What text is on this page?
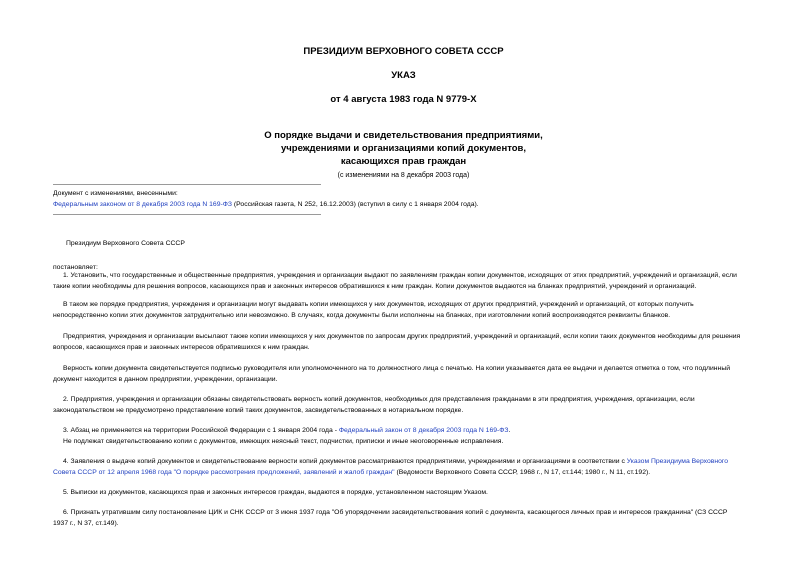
ПРЕЗИДИУМ ВЕРХОВНОГО СОВЕТА СССР
УКАЗ
от 4 августа 1983 года N 9779-X
О порядке выдачи и свидетельствования предприятиями,
учреждениями и организациями копий документов,
касающихся прав граждан
(с изменениями на 8 декабря 2003 года)
Документ с изменениями, внесенными:
Федеральным законом от 8 декабря 2003 года N 169-ФЗ (Российская газета, N 252, 16.12.2003) (вступил в силу с 1 января 2004 года).
Президиум Верховного Совета СССР
постановляет:
1. Установить, что государственные и общественные предприятия, учреждения и организации выдают по заявлениям граждан копии документов, исходящих от этих предприятий, учреждений и организаций, если
такие копии необходимы для решения вопросов, касающихся прав и законных интересов обратившихся к ним граждан. Копии документов выдаются на бланках предприятий, учреждений и организаций.
В таком же порядке предприятия, учреждения и организации могут выдавать копии имеющихся у них документов, исходящих от других предприятий, учреждений и организаций, от которых получить
непосредственно копии этих документов затруднительно или невозможно. В случаях, когда документы были исполнены на бланках, при изготовлении копий воспроизводятся реквизиты бланков.
Предприятия, учреждения и организации высылают также копии имеющихся у них документов по запросам других предприятий, учреждений и организаций, если копии таких документов необходимы для решения
вопросов, касающихся прав и законных интересов обратившихся к ним граждан.
Верность копии документа свидетельствуется подписью руководителя или уполномоченного на то должностного лица с печатью. На копии указывается дата ее выдачи и делается отметка о том, что подлинный
документ находится в данном предприятии, учреждении, организации.
2. Предприятия, учреждения и организации обязаны свидетельствовать верность копий документов, необходимых для представления гражданами в эти предприятия, учреждения, организации, если
законодательством не предусмотрено представление копий таких документов, засвидетельствованных в нотариальном порядке.
3. Абзац не применяется на территории Российской Федерации с 1 января 2004 года - Федеральный закон от 8 декабря 2003 года N 169-ФЗ.
Не подлежат свидетельствованию копии с документов, имеющих неясный текст, подчистки, приписки и иные неоговоренные исправления.
4. Заявления о выдаче копий документов и свидетельствование верности копий документов рассматриваются предприятиями, учреждениями и организациями в соответствии с Указом Президиума Верховного
Совета СССР от 12 апреля 1968 года "О порядке рассмотрения предложений, заявлений и жалоб граждан" (Ведомости Верховного Совета СССР, 1968 г., N 17, ст.144; 1980 г., N 11, ст.192).
5. Выписки из документов, касающихся прав и законных интересов граждан, выдаются в порядке, установленном настоящим Указом.
6. Признать утратившим силу постановление ЦИК и СНК СССР от 3 июня 1937 года "Об упорядочении засвидетельствования копий с документа, касающегося личных прав и интересов гражданина" (СЗ СССР
1937 г., N 37, ст.149).
